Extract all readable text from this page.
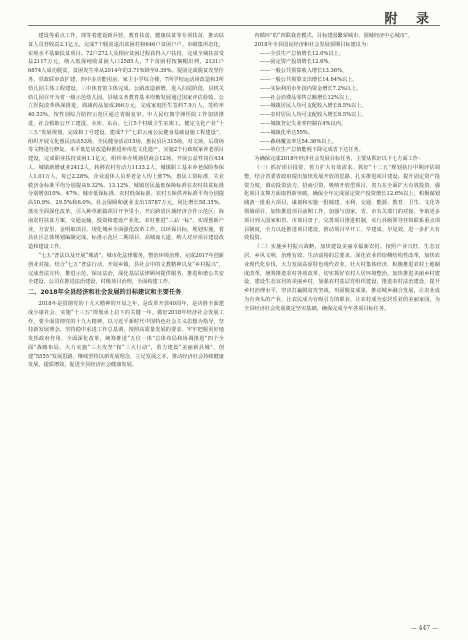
附 录

建设等重点工作，现等着建设新兵营，教育扶贫，健康扶贫等专项扶贫，推动扶贫人员营收益2.1亿元，完成7个脱贫退出贫困村和646户贫困户户。市级集所态化，实现水平基础扶贫项目。72户272人及相应贫困过程获得入户扶持，完成全域扶贫受益2117万元，纳入低保纯收贫困人口2585人，7个贫困村按摘帽出列，2131户6874人成功脱贫，贫困发生率从2014年的3.71%降至0.39%。提前完成脱贫攻坚任务。党政联审改扩建、四中多功能用房、家主小学综合楼，7所学校运动场改造和3所幼儿园主体工程建设，三中体育馆主体完成，公路改造新增，进入扫尾阶段，县机关幼儿园召开为省一级示范幼儿园。县城义务教育基本均衡发展通过国家评估验收。公立医院改革纵深推进，调减药品加成366万元，完成家庭医生签约7.9万人，签约率40.53%，按性别综合防控示范区通过省级复审。中人民红旗学洲医院工作加快推进，社会救助公开工建设、水库、东山，七江5个村级卫生室竣工。健定文化产业“十三五”发展规划，完成和丁号建设。建成7个“七彩云南公民健身基础设施工程建设”，组织开展文化惠民活动53场，全民健身活动15场，惠民县区315场，对文场、后资场等文物进行修复。本平低危房改造和推进补库危文化遗产，实施2个行政权家养老项目建设，完成职业扶持贫困1.1亿元，组织举办规划招商会12场，开展公益性岗位434人，城镇新增就业2412人，转移农村劳动力1133.2人，城镇职工基本养老保险参保人1.01万人，每已2.28%。企业退休人员养老金人均上涨7%，惠民工资标准、失业救济金标准平均分别提高9.32%、13.12%，城镇居民最低保障标准在农村扶贫标准分别增加10%、47%，城市低保标准、农村低保标准、农村五保供养标准平均分别提高10.9%、29.5%和6.0%。社会保障和就业支出15787万元，同比增长58.35%，落实全面深化改革，引入种草新篇项目开争里小，开启跨省区域经济合作示范区；海南农村扶贫方案，交通运输，投资和建设产业化。农村推进“三品一标”，实现创新产业，方安里、金明取项目，现化城乡全面强化改革工作，以环保目标，规划实施，着县社区总体规划编制完成，标准示范区二期项目、高城商大道、纳人对应项目建设改造和建设工作。

“七五”普法以及开展“城清”，城市化法律服务，整治环境治理，完成2017年创新创业对接。结合“七五”普法行动，开展乡镇，县社会中的文教精神以及“乡村振兴”，完成普法宣传，推进示范，保证法治，深化基层法律顾问提供服务，推进和谐公共安全建设，公司在推进法治建设，村级项目治理，全面构建工作。

二、2018年全县经济和社会发展的目标建议和主要任务

2018年是贯彻党的十九大精神的开局之年，是改革开放40周年，是决胜全面建成小康社会、实施“十三五”规划承上启下的关键一年。做好2018年经济社会发展工作，要全面贯彻党的十九大精神，以习近平新时代中国特色社会主义思想为指导，坚持新发展理念，坚持稳中求进工作总基调，按照高质量发展的要求，牢牢把握更好地发挥政府作用，全面深化改革，统筹推进“五位一体”总体布局和协调推进“四个全面”战略布局，大力实施“三大攻坚”和“三大行动”，着力建设“美丽新县城”，创建“5555”发展思路，继续坚持以新发展理念，立足发展之本，推动经济社会持续健康发展，提质增效，促进全县经济社会健康发展。

内循环”的“四联我省模式，目标建国繁荣城市、围城经济中心城市”。

2018年全县国民经济和社会发展预期目标建议为：

——全县生产总值增长12.0%以上。

——固定资产投资增长12.6%。

——一般公共预算收入增长13.36%。

——一般公共预算支出增长14.64%以上。

——实际利用市外国内资金增长7.2%以上。

——社会消费品零售总额增长12%以上。

——城镇居民人均可支配收入增长8.5%以上。

——农村居民人均可支配收入增长9.5%以上。

——城镇登记失业率控制在4%以内。

——城镇化率达55%。

——森林覆盖率达54.36%以上。

——单位生产总值能耗下降完成省下达任务。

为确保完成2018年经济社会发展目标任务，主要从抓好以下七方面工作：

（一）抓好项目投资，着力扩大有效需求。抓好“十二五”规划执行中期评估调整，结合省委省政府提出加快发展开放的思路、扎实推进项目建设，提升固定资产投资力度，调动投资活力，招商引资，吸纳开放型项目，着力在全面扩大有效投资、强化项目支撑方面取得新突破。确保全年完成固定资产投资增长12.6%以上，积极谋划储备一批重大项目，谋划和实施一批城建、水利、交通、能源、教育、卫生、文化等领域项目，加快推进项目前期工作，加强与国家、省、市有关部门的对接，争取更多项目列入国家和省、市项目盘子，完善项目推进机制，实行县级领导挂钩联系重点项目制度，全力以赴推进项目建设，推动项目早开工、早建成、早见效，进一步扩大有效投资。

（二）实施乡村振兴战略，加快建设美丽幸福新农村。按照产业兴旺、生态宜居、乡风文明、治理有效、生活富裕的总要求，深化农业供给侧结构性改革，加快农业现代化步伐，大力发展高原特色现代农业，壮大村集体经济，积极推进农村土地制度改革，统筹推进农村各项改革，切实抓好农村人居环境整治，加快推进美丽乡村建设，建设生态宜居的美丽乡村，加强农村基层党组织建设，推进农村法治建设，提升乡村治理水平，坚决打赢脱贫攻坚战，巩固脱贫成果，推动城乡融合发展，让农业成为有奔头的产业，让农民成为有吸引力的职业，让农村成为安居乐业的美丽家园，为全县经济社会发展奠定坚实基础，确保完成全年各项目标任务。

— 447 —
